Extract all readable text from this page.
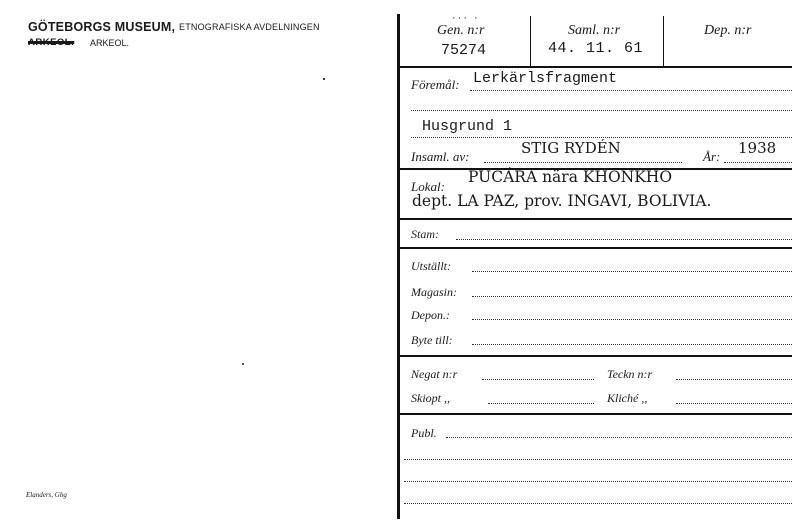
GÖTEBORGS MUSEUM, ETNOGRAFISKA AVDELNINGEN
ARKEOL. ARKEOL.
Elanders, Gbg
Gen. n:r
75274
··· ·
Saml. n:r
44. 11. 61
Dep. n:r
Föremål: Lerkärlsfragment
Husgrund 1
Insaml. av:	STIG RYDÉN	År: 1938
Lokal:
PUCÁRA nära KHONKHO
dept. LA PAZ, prov. INGAVI, BOLIVIA.
Stam:
Utställt:
Magasin:
Depon.:
Byte till:
Negat n:r	Teckn n:r
Skiopt ,,	Kliché ,,
Publ.
